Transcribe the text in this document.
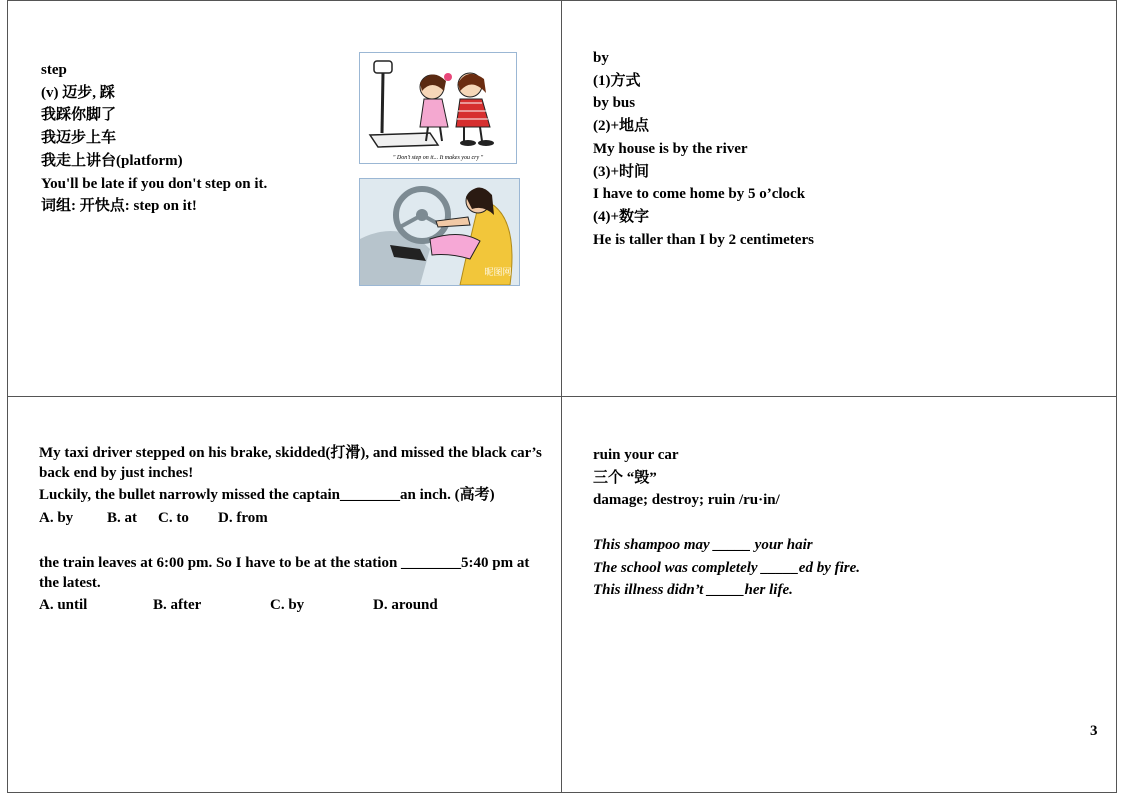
step
(v) 迈步, 踩
我踩你脚了
我迈步上车
我走上讲台(platform)
You'll be late if you don't step on it.
词组: 开快点: step on it!
" Don't step on it... It makes you cry "
昵图网
by
(1)方式
by bus
(2)+地点
My house is by the river
(3)+时间
I have to come home by 5 o’clock
(4)+数字
He is taller than I by 2 centimeters
My taxi driver stepped on his brake, skidded(打滑), and missed the black car’s back end by just inches!
Luckily, the bullet narrowly missed the captain________an inch. (高考)
A. by B. at C. to D. from
the train leaves at 6:00 pm. So I have to be at the station ________5:40 pm at the latest.
A. until	B. after	C. by	D. around
ruin your car
三个 “毁”
damage; destroy; ruin /ru·in/
This shampoo may _____ your hair
The school was completely _____ed by fire.
This illness didn’t _____her life.
3
